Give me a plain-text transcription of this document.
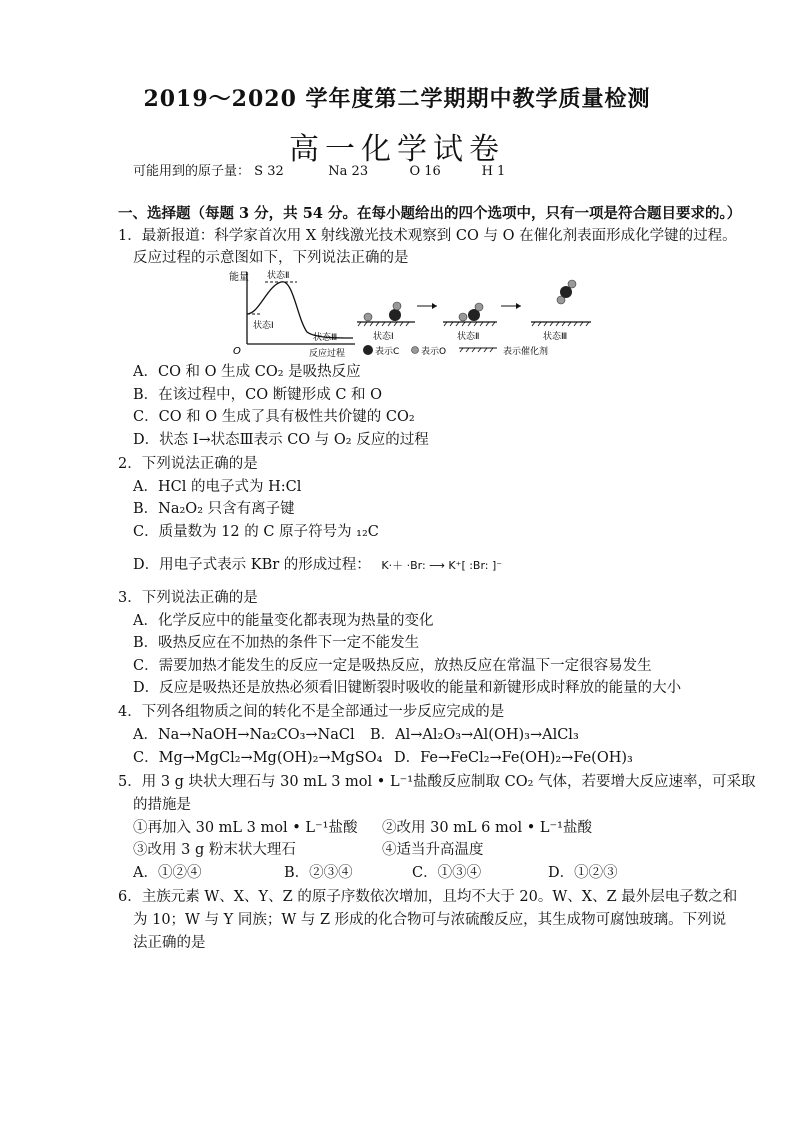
2019～2020 学年度第二学期期中教学质量检测
高一化学试卷
可能用到的原子量： S 32	Na 23	O 16	H 1
一、选择题（每题 3 分，共 54 分。在每小题给出的四个选项中，只有一项是符合题目要求的。）
1．最新报道：科学家首次用 X 射线激光技术观察到 CO 与 O 在催化剂表面形成化学键的过程。
反应过程的示意图如下，下列说法正确的是
能量
O	反应过程
状态Ⅱ
状态Ⅰ
状态Ⅲ	状态Ⅰ	状态Ⅱ	状态Ⅲ
表示C 表示O	表示催化剂
A．CO 和 O 生成 CO₂ 是吸热反应
B．在该过程中，CO 断键形成 C 和 O
C．CO 和 O 生成了具有极性共价键的 CO₂
D．状态 Ⅰ→状态Ⅲ表示 CO 与 O₂ 反应的过程
2．下列说法正确的是
A．HCl 的电子式为 H:Cl
B．Na₂O₂ 只含有离子键
C．质量数为 12 的 C 原子符号为 ₁₂C
D．用电子式表示 KBr 的形成过程： K·＋ ·Br: ⟶ K⁺[ :Br: ]⁻
3．下列说法正确的是
A．化学反应中的能量变化都表现为热量的变化
B．吸热反应在不加热的条件下一定不能发生
C．需要加热才能发生的反应一定是吸热反应，放热反应在常温下一定很容易发生
D．反应是吸热还是放热必须看旧键断裂时吸收的能量和新键形成时释放的能量的大小
4．下列各组物质之间的转化不是全部通过一步反应完成的是
A．Na→NaOH→Na₂CO₃→NaCl B．Al→Al₂O₃→Al(OH)₃→AlCl₃
C．Mg→MgCl₂→Mg(OH)₂→MgSO₄ D．Fe→FeCl₂→Fe(OH)₂→Fe(OH)₃
5．用 3 g 块状大理石与 30 mL 3 mol • L⁻¹盐酸反应制取 CO₂ 气体，若要增大反应速率，可采取
的措施是
①再加入 30 mL 3 mol • L⁻¹盐酸 ②改用 30 mL 6 mol • L⁻¹盐酸
③改用 3 g 粉末状大理石	④适当升高温度
A．①②④	B．②③④	C．①③④	D．①②③
6．主族元素 W、X、Y、Z 的原子序数依次增加，且均不大于 20。W、X、Z 最外层电子数之和
为 10；W 与 Y 同族；W 与 Z 形成的化合物可与浓硫酸反应，其生成物可腐蚀玻璃。下列说
法正确的是
